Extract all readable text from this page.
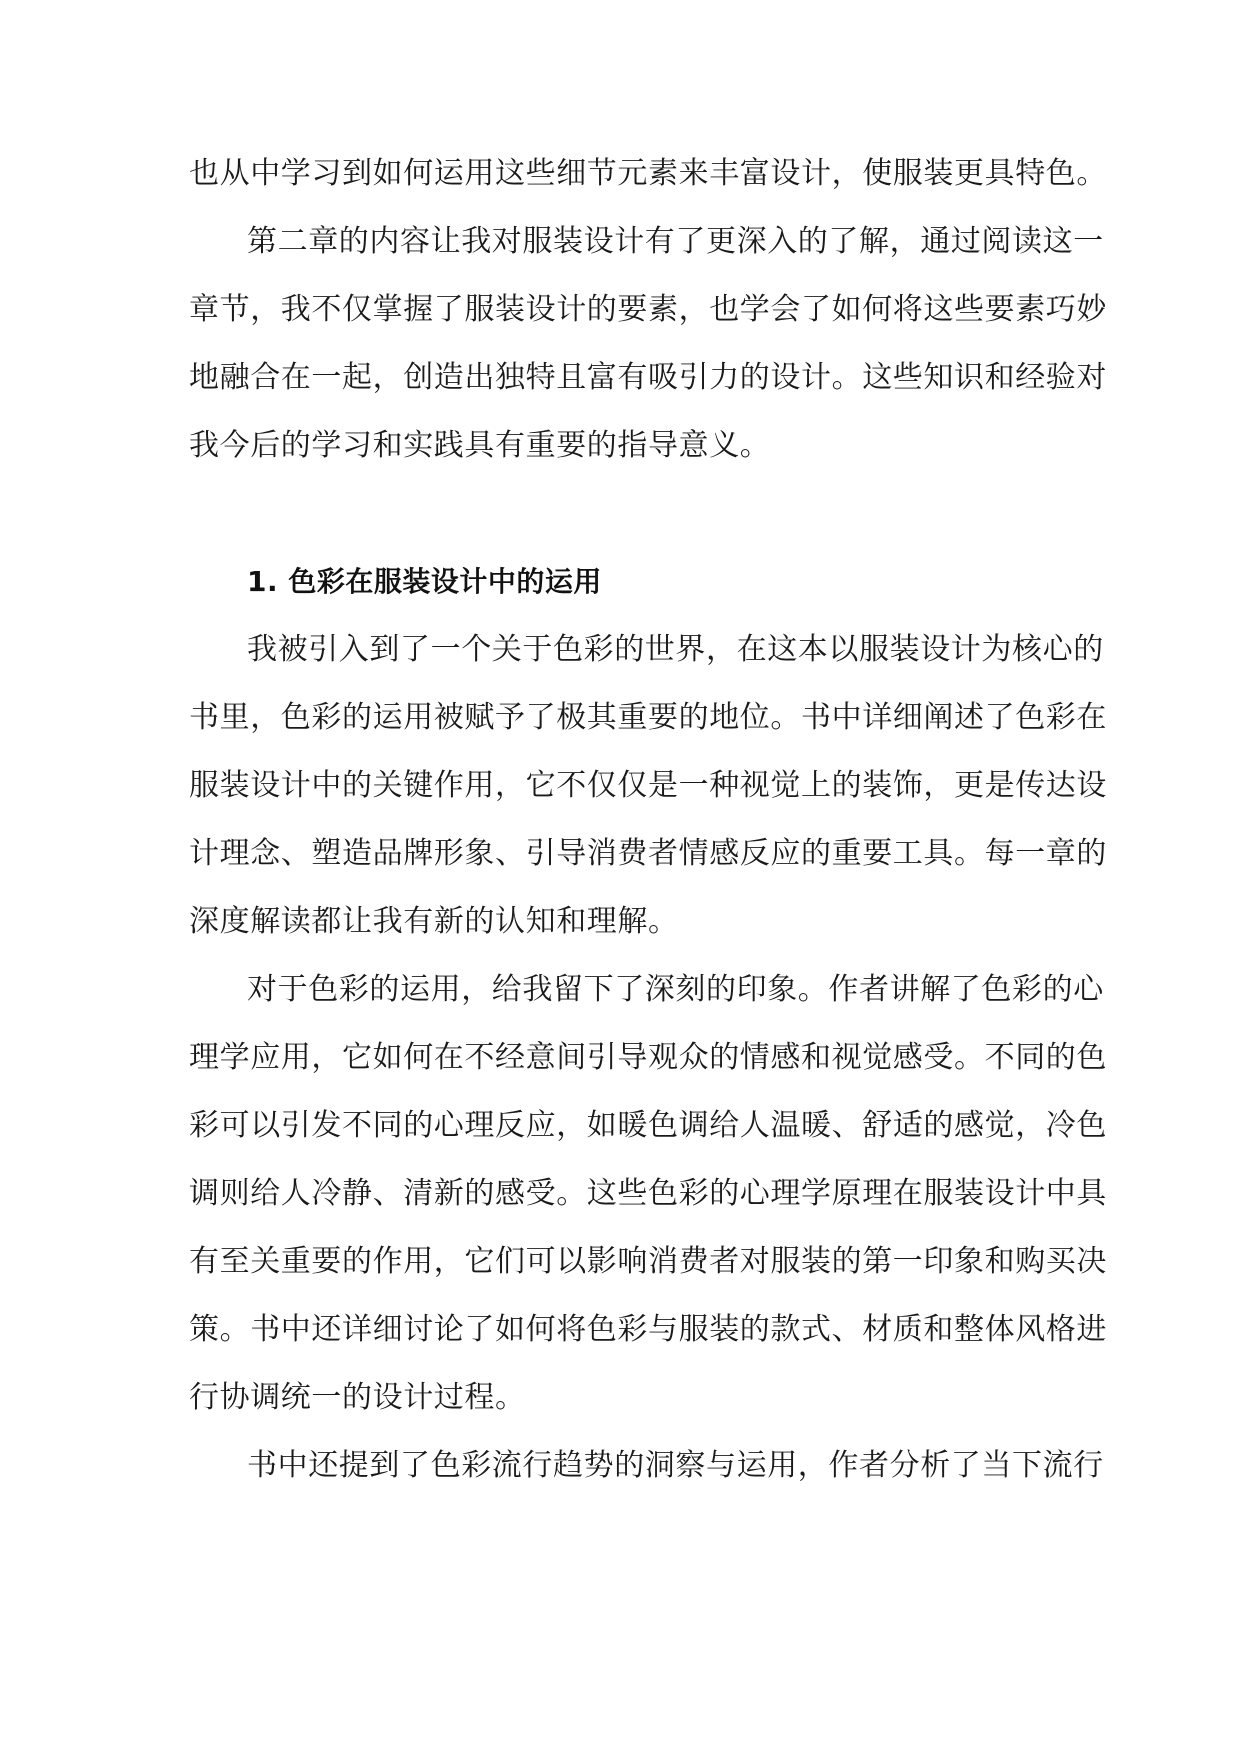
也从中学习到如何运用这些细节元素来丰富设计，使服装更具特色。

第二章的内容让我对服装设计有了更深入的了解，通过阅读这一

章节，我不仅掌握了服装设计的要素，也学会了如何将这些要素巧妙

地融合在一起，创造出独特且富有吸引力的设计。这些知识和经验对

我今后的学习和实践具有重要的指导意义。

1. 色彩在服装设计中的运用

我被引入到了一个关于色彩的世界，在这本以服装设计为核心的

书里，色彩的运用被赋予了极其重要的地位。书中详细阐述了色彩在

服装设计中的关键作用，它不仅仅是一种视觉上的装饰，更是传达设

计理念、塑造品牌形象、引导消费者情感反应的重要工具。每一章的

深度解读都让我有新的认知和理解。

对于色彩的运用，给我留下了深刻的印象。作者讲解了色彩的心

理学应用，它如何在不经意间引导观众的情感和视觉感受。不同的色

彩可以引发不同的心理反应，如暖色调给人温暖、舒适的感觉，冷色

调则给人冷静、清新的感受。这些色彩的心理学原理在服装设计中具

有至关重要的作用，它们可以影响消费者对服装的第一印象和购买决

策。书中还详细讨论了如何将色彩与服装的款式、材质和整体风格进

行协调统一的设计过程。

书中还提到了色彩流行趋势的洞察与运用，作者分析了当下流行
